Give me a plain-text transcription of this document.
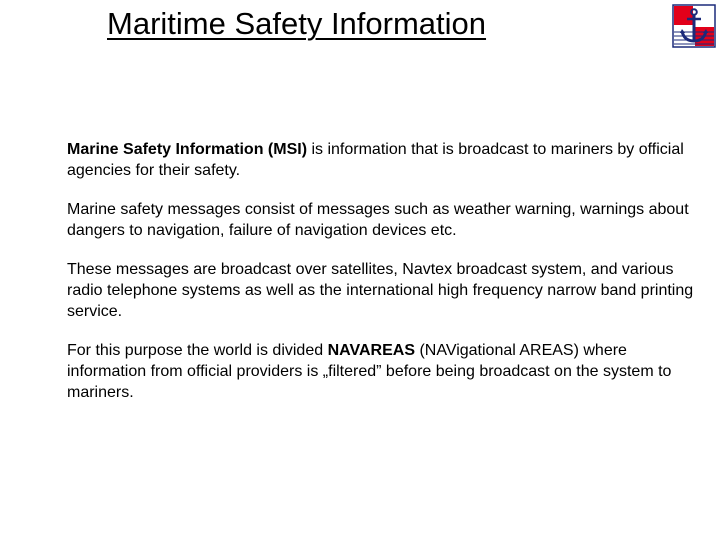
Maritime Safety Information

Marine Safety Information (MSI) is information that is broadcast to mariners by official agencies for their safety.

Marine safety messages consist of messages such as weather warning, warnings about dangers to navigation, failure of navigation devices etc.

These messages are broadcast over satellites, Navtex broadcast system, and various radio telephone systems as well as the international high frequency narrow band printing service.

For this purpose the world is divided NAVAREAS (NAVigational AREAS) where information from official providers is „filtered” before being broadcast on the system to mariners.
